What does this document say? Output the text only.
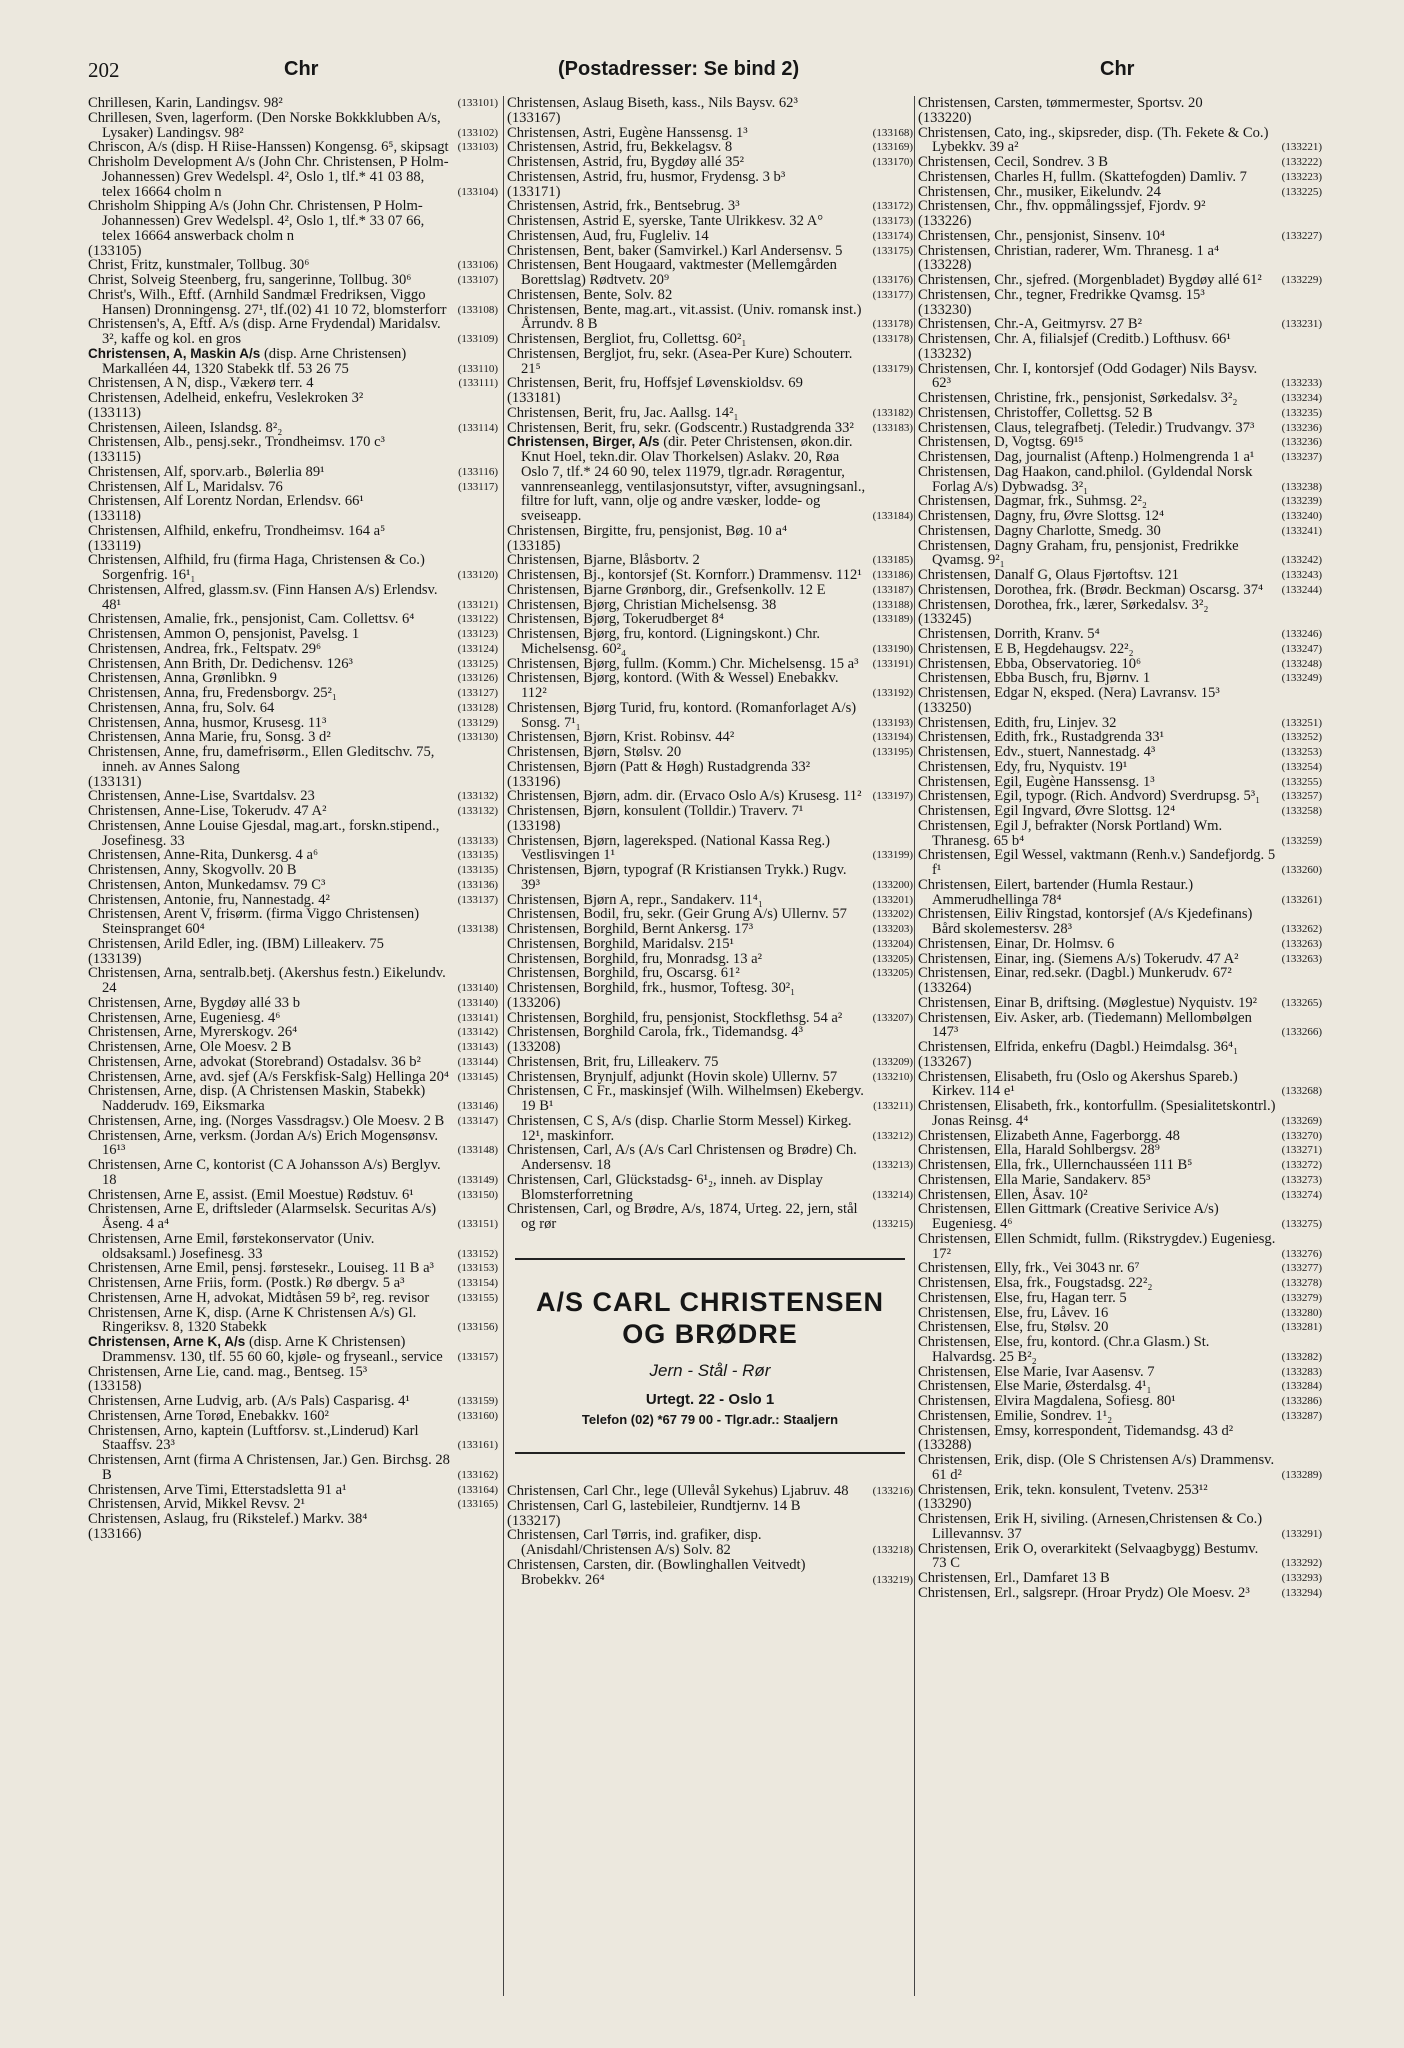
202	Chr	(Postadresser: Se bind 2)	Chr
Chrillesen, Karin, Landingsv. 98²	(133101)
Chrillesen, Sven, lagerform. (Den Norske Bokkklubben A/s, Lysaker) Landingsv. 98²	(133102)
Chriscon, A/s (disp. H Riise-Hanssen) Kongensg. 6⁵, skipsagt (133103)
Chrisholm Development A/s (John Chr. Christensen, P Holm-Johannessen) Grev Wedelspl. 4², Oslo 1, tlf.* 41 03 88, telex 16664 cholm n	(133104)
Chrisholm Shipping A/s (John Chr. Christensen, P Holm-Johannessen) Grev Wedelspl. 4², Oslo 1, tlf.* 33 07 66, telex 16664 answerback cholm n
(133105)
Christ, Fritz, kunstmaler, Tollbug. 30⁶	(133106)
Christ, Solveig Steenberg, fru, sangerinne, Tollbug. 30⁶	(133107)
Christ's, Wilh., Eftf. (Arnhild Sandmæl Fredriksen, Viggo Hansen) Dronningensg. 27¹, tlf.(02) 41 10 72, blomsterforr (133108)
Christensen's, A, Eftf. A/s (disp. Arne Frydendal) Maridalsv. 3², kaffe og kol. en gros	(133109)
Christensen, A, Maskin A/s (disp. Arne Christensen) Markalléen 44, 1320 Stabekk tlf. 53 26 75	(133110)
Christensen, A N, disp., Vækerø terr. 4	(133111)
Christensen, Adelheid, enkefru, Veslekroken 3²
(133113)
Christensen, Aileen, Islandsg. 8²₂	(133114)
Christensen, Alb., pensj.sekr., Trondheimsv. 170 c³
(133115)
Christensen, Alf, sporv.arb., Bølerlia 89¹	(133116)
Christensen, Alf L, Maridalsv. 76	(133117)
Christensen, Alf Lorentz Nordan, Erlendsv. 66¹
(133118)
Christensen, Alfhild, enkefru, Trondheimsv. 164 a⁵
(133119)
Christensen, Alfhild, fru (firma Haga, Christensen & Co.) Sorgenfrig. 16¹₁	(133120)
Christensen, Alfred, glassm.sv. (Finn Hansen A/s) Erlendsv. 48¹	(133121)
Christensen, Amalie, frk., pensjonist, Cam. Collettsv. 6⁴	(133122)
Christensen, Ammon O, pensjonist, Pavelsg. 1	(133123)
Christensen, Andrea, frk., Feltspatv. 29⁶	(133124)
Christensen, Ann Brith, Dr. Dedichensv. 126³	(133125)
Christensen, Anna, Grønlibkn. 9	(133126)
Christensen, Anna, fru, Fredensborgv. 25²₁	(133127)
Christensen, Anna, fru, Solv. 64	(133128)
Christensen, Anna, husmor, Krusesg. 11³	(133129)
Christensen, Anna Marie, fru, Sonsg. 3 d²	(133130)
Christensen, Anne, fru, damefrisørm., Ellen Gleditschv. 75, inneh. av Annes Salong
(133131)
Christensen, Anne-Lise, Svartdalsv. 23	(133132)
Christensen, Anne-Lise, Tokerudv. 47 A²	(133132)
Christensen, Anne Louise Gjesdal, mag.art., forskn.stipend., Josefinesg. 33	(133133)
Christensen, Anne-Rita, Dunkersg. 4 a⁶	(133135)
Christensen, Anny, Skogvollv. 20 B	(133135)
Christensen, Anton, Munkedamsv. 79 C³	(133136)
Christensen, Antonie, fru, Nannestadg. 4²	(133137)
Christensen, Arent V, frisørm. (firma Viggo Christensen) Steinspranget 60⁴	(133138)
Christensen, Arild Edler, ing. (IBM) Lilleakerv. 75
(133139)
Christensen, Arna, sentralb.betj. (Akershus festn.) Eikelundv. 24	(133140)
Christensen, Arne, Bygdøy allé 33 b	(133140)
Christensen, Arne, Eugeniesg. 4⁶	(133141)
Christensen, Arne, Myrerskogv. 26⁴	(133142)
Christensen, Arne, Ole Moesv. 2 B	(133143)
Christensen, Arne, advokat (Storebrand) Ostadalsv. 36 b²	(133144)
Christensen, Arne, avd. sjef (A/s Ferskfisk-Salg) Hellinga 20⁴ (133145)
Christensen, Arne, disp. (A Christensen Maskin, Stabekk) Nadderudv. 169, Eiksmarka	(133146)
Christensen, Arne, ing. (Norges Vassdragsv.) Ole Moesv. 2 B (133147)
Christensen, Arne, verksm. (Jordan A/s) Erich Mogensønsv. 16¹³	(133148)
Christensen, Arne C, kontorist (C A Johansson A/s) Berglyv. 18	(133149)
Christensen, Arne E, assist. (Emil Moestue) Rødstuv. 6¹	(133150)
Christensen, Arne E, driftsleder (Alarmselsk. Securitas A/s) Åseng. 4 a⁴	(133151)
Christensen, Arne Emil, førstekonservator (Univ. oldsaksaml.) Josefinesg. 33	(133152)
Christensen, Arne Emil, pensj. førstesekr., Louiseg. 11 B a³ (133153)
Christensen, Arne Friis, form. (Postk.) Rø dbergv. 5 a³	(133154)
Christensen, Arne H, advokat, Midtåsen 59 b², reg. revisor	(133155)
Christensen, Arne K, disp. (Arne K Christensen A/s) Gl. Ringeriksv. 8, 1320 Stabekk	(133156)
Christensen, Arne K, A/s (disp. Arne K Christensen) Drammensv. 130, tlf. 55 60 60, kjøle- og fryseanl., service (133157)
Christensen, Arne Lie, cand. mag., Bentseg. 15³
(133158)
Christensen, Arne Ludvig, arb. (A/s Pals) Casparisg. 4¹	(133159)
Christensen, Arne Torød, Enebakkv. 160²	(133160)
Christensen, Arno, kaptein (Luftforsv. st.,Linderud) Karl Staaffsv. 23³	(133161)
Christensen, Arnt (firma A Christensen, Jar.) Gen. Birchsg. 28 B	(133162)
Christensen, Arve Timi, Etterstadsletta 91 a¹	(133164)
Christensen, Arvid, Mikkel Revsv. 2¹	(133165)
Christensen, Aslaug, fru (Rikstelef.) Markv. 38⁴
(133166)
Christensen, Aslaug Biseth, kass., Nils Baysv. 62³
(133167)
Christensen, Astri, Eugène Hanssensg. 1³	(133168)
Christensen, Astrid, fru, Bekkelagsv. 8	(133169)
Christensen, Astrid, fru, Bygdøy allé 35²	(133170)
Christensen, Astrid, fru, husmor, Frydensg. 3 b³
(133171)
Christensen, Astrid, frk., Bentsebrug. 3³	(133172)
Christensen, Astrid E, syerske, Tante Ulrikkesv. 32 A°	(133173)
Christensen, Aud, fru, Fugleliv. 14	(133174)
Christensen, Bent, baker (Samvirkel.) Karl Andersensv. 5	(133175)
Christensen, Bent Hougaard, vaktmester (Mellemgården Borettslag) Rødtvetv. 20⁹	(133176)
Christensen, Bente, Solv. 82	(133177)
Christensen, Bente, mag.art., vit.assist. (Univ. romansk inst.) Årrundv. 8 B	(133178)
Christensen, Bergliot, fru, Collettsg. 60²₁	(133178)
Christensen, Bergljot, fru, sekr. (Asea-Per Kure) Schouterr. 21⁵	(133179)
Christensen, Berit, fru, Hoffsjef Løvenskioldsv. 69
(133181)
Christensen, Berit, fru, Jac. Aallsg. 14²₁	(133182)
Christensen, Berit, fru, sekr. (Godscentr.) Rustadgrenda 33² (133183)
Christensen, Birger, A/s (dir. Peter Christensen, økon.dir. Knut Hoel, tekn.dir. Olav Thorkelsen) Aslakv. 20, Røa Oslo 7, tlf.* 24 60 90, telex 11979, tlgr.adr. Røragentur, vannrenseanlegg, ventilasjonsutstyr, vifter, avsugningsanl., filtre for luft, vann, olje og andre væsker, lodde- og sveiseapp.	(133184)
Christensen, Birgitte, fru, pensjonist, Bøg. 10 a⁴
(133185)
Christensen, Bjarne, Blåsbortv. 2	(133185)
Christensen, Bj., kontorsjef (St. Kornforr.) Drammensv. 112¹ (133186)
Christensen, Bjarne Grønborg, dir., Grefsenkollv. 12 E	(133187)
Christensen, Bjørg, Christian Michelsensg. 38	(133188)
Christensen, Bjørg, Tokerudberget 8⁴	(133189)
Christensen, Bjørg, fru, kontord. (Ligningskont.) Chr. Michelsensg. 60²₄	(133190)
Christensen, Bjørg, fullm. (Komm.) Chr. Michelsensg. 15 a³ (133191)
Christensen, Bjørg, kontord. (With & Wessel) Enebakkv. 112²	(133192)
Christensen, Bjørg Turid, fru, kontord. (Romanforlaget A/s) Sonsg. 7¹₁	(133193)
Christensen, Bjørn, Krist. Robinsv. 44²	(133194)
Christensen, Bjørn, Stølsv. 20	(133195)
Christensen, Bjørn (Patt & Høgh) Rustadgrenda 33²
(133196)
Christensen, Bjørn, adm. dir. (Ervaco Oslo A/s) Krusesg. 11² (133197)
Christensen, Bjørn, konsulent (Tolldir.) Traverv. 7¹
(133198)
Christensen, Bjørn, lagereksped. (National Kassa Reg.) Vestlisvingen 1¹	(133199)
Christensen, Bjørn, typograf (R Kristiansen Trykk.) Rugv. 39³	(133200)
Christensen, Bjørn A, repr., Sandakerv. 11⁴₁	(133201)
Christensen, Bodil, fru, sekr. (Geir Grung A/s) Ullernv. 57 (133202)
Christensen, Borghild, Bernt Ankersg. 17³	(133203)
Christensen, Borghild, Maridalsv. 215¹	(133204)
Christensen, Borghild, fru, Monradsg. 13 a²	(133205)
Christensen, Borghild, fru, Oscarsg. 61²	(133205)
Christensen, Borghild, frk., husmor, Toftesg. 30²₁
(133206)
Christensen, Borghild, fru, pensjonist, Stockflethsg. 54 a²	(133207)
Christensen, Borghild Carola, frk., Tidemandsg. 4³
(133208)
Christensen, Brit, fru, Lilleakerv. 75	(133209)
Christensen, Brynjulf, adjunkt (Hovin skole) Ullernv. 57	(133210)
Christensen, C Fr., maskinsjef (Wilh. Wilhelmsen) Ekebergv. 19 B¹	(133211)
Christensen, C S, A/s (disp. Charlie Storm Messel) Kirkeg. 12¹, maskinforr.	(133212)
Christensen, Carl, A/s (A/s Carl Christensen og Brødre) Ch. Andersensv. 18	(133213)
Christensen, Carl, Glückstadsg- 6¹₂, inneh. av Display Blomsterforretning	(133214)
Christensen, Carl, og Brødre, A/s, 1874, Urteg. 22, jern, stål og rør	(133215)
A/S CARL CHRISTENSEN
OG BRØDRE
Jern - Stål - Rør
Urtegt. 22 - Oslo 1
Telefon (02) *67 79 00 - Tlgr.adr.: Staaljern
Christensen, Carl Chr., lege (Ullevål Sykehus) Ljabruv. 48 (133216)
Christensen, Carl G, lastebileier, Rundtjernv. 14 B
(133217)
Christensen, Carl Tørris, ind. grafiker, disp. (Anisdahl/Christensen A/s) Solv. 82	(133218)
Christensen, Carsten, dir. (Bowlinghallen Veitvedt) Brobekkv. 26⁴	(133219)
Christensen, Carsten, tømmermester, Sportsv. 20
(133220)
Christensen, Cato, ing., skipsreder, disp. (Th. Fekete & Co.) Lybekkv. 39 a²	(133221)
Christensen, Cecil, Sondrev. 3 B	(133222)
Christensen, Charles H, fullm. (Skattefogden) Damliv. 7	(133223)
Christensen, Chr., musiker, Eikelundv. 24	(133225)
Christensen, Chr., fhv. oppmålingssjef, Fjordv. 9²
(133226)
Christensen, Chr., pensjonist, Sinsenv. 10⁴	(133227)
Christensen, Christian, raderer, Wm. Thranesg. 1 a⁴
(133228)
Christensen, Chr., sjefred. (Morgenbladet) Bygdøy allé 61² (133229)
Christensen, Chr., tegner, Fredrikke Qvamsg. 15³
(133230)
Christensen, Chr.-A, Geitmyrsv. 27 B²	(133231)
Christensen, Chr. A, filialsjef (Creditb.) Lofthusv. 66¹
(133232)
Christensen, Chr. I, kontorsjef (Odd Godager) Nils Baysv. 62³	(133233)
Christensen, Christine, frk., pensjonist, Sørkedalsv. 3²₂	(133234)
Christensen, Christoffer, Collettsg. 52 B	(133235)
Christensen, Claus, telegrafbetj. (Teledir.) Trudvangv. 37³ (133236)
Christensen, D, Vogtsg. 69¹⁵	(133236)
Christensen, Dag, journalist (Aftenp.) Holmengrenda 1 a¹ (133237)
Christensen, Dag Haakon, cand.philol. (Gyldendal Norsk Forlag A/s) Dybwadsg. 3²₁	(133238)
Christensen, Dagmar, frk., Suhmsg. 2²₂	(133239)
Christensen, Dagny, fru, Øvre Slottsg. 12⁴	(133240)
Christensen, Dagny Charlotte, Smedg. 30	(133241)
Christensen, Dagny Graham, fru, pensjonist, Fredrikke Qvamsg. 9²₁	(133242)
Christensen, Danalf G, Olaus Fjørtoftsv. 121	(133243)
Christensen, Dorothea, frk. (Brødr. Beckman) Oscarsg. 37⁴ (133244)
Christensen, Dorothea, frk., lærer, Sørkedalsv. 3²₂
(133245)
Christensen, Dorrith, Kranv. 5⁴	(133246)
Christensen, E B, Hegdehaugsv. 22²₂	(133247)
Christensen, Ebba, Observatorieg. 10⁶	(133248)
Christensen, Ebba Busch, fru, Bjørnv. 1	(133249)
Christensen, Edgar N, eksped. (Nera) Lavransv. 15³
(133250)
Christensen, Edith, fru, Linjev. 32	(133251)
Christensen, Edith, frk., Rustadgrenda 33¹	(133252)
Christensen, Edv., stuert, Nannestadg. 4³	(133253)
Christensen, Edy, fru, Nyquistv. 19¹	(133254)
Christensen, Egil, Eugène Hanssensg. 1³	(133255)
Christensen, Egil, typogr. (Rich. Andvord) Sverdrupsg. 5³₁ (133257)
Christensen, Egil Ingvard, Øvre Slottsg. 12⁴	(133258)
Christensen, Egil J, befrakter (Norsk Portland) Wm. Thranesg. 65 b⁴	(133259)
Christensen, Egil Wessel, vaktmann (Renh.v.) Sandefjordg. 5 f¹	(133260)
Christensen, Eilert, bartender (Humla Restaur.) Ammerudhellinga 78⁴	(133261)
Christensen, Eiliv Ringstad, kontorsjef (A/s Kjedefinans) Bård skolemestersv. 28³	(133262)
Christensen, Einar, Dr. Holmsv. 6	(133263)
Christensen, Einar, ing. (Siemens A/s) Tokerudv. 47 A²	(133263)
Christensen, Einar, red.sekr. (Dagbl.) Munkerudv. 67²
(133264)
Christensen, Einar B, driftsing. (Møglestue) Nyquistv. 19² (133265)
Christensen, Eiv. Asker, arb. (Tiedemann) Mellombølgen 147³	(133266)
Christensen, Elfrida, enkefru (Dagbl.) Heimdalsg. 36⁴₁
(133267)
Christensen, Elisabeth, fru (Oslo og Akershus Spareb.) Kirkev. 114 e¹	(133268)
Christensen, Elisabeth, frk., kontorfullm. (Spesialitetskontrl.) Jonas Reinsg. 4⁴	(133269)
Christensen, Elizabeth Anne, Fagerborgg. 48	(133270)
Christensen, Ella, Harald Sohlbergsv. 28⁹	(133271)
Christensen, Ella, frk., Ullernchausséen 111 B⁵	(133272)
Christensen, Ella Marie, Sandakerv. 85³	(133273)
Christensen, Ellen, Åsav. 10²	(133274)
Christensen, Ellen Gittmark (Creative Serivice A/s) Eugeniesg. 4⁶	(133275)
Christensen, Ellen Schmidt, fullm. (Rikstrygdev.) Eugeniesg. 17²	(133276)
Christensen, Elly, frk., Vei 3043 nr. 6⁷	(133277)
Christensen, Elsa, frk., Fougstadsg. 22²₂	(133278)
Christensen, Else, fru, Hagan terr. 5	(133279)
Christensen, Else, fru, Låvev. 16	(133280)
Christensen, Else, fru, Stølsv. 20	(133281)
Christensen, Else, fru, kontord. (Chr.a Glasm.) St. Halvardsg. 25 B²₂	(133282)
Christensen, Else Marie, Ivar Aasensv. 7	(133283)
Christensen, Else Marie, Østerdalsg. 4¹₁	(133284)
Christensen, Elvira Magdalena, Sofiesg. 80¹	(133286)
Christensen, Emilie, Sondrev. 1¹₂	(133287)
Christensen, Emsy, korrespondent, Tidemandsg. 43 d²
(133288)
Christensen, Erik, disp. (Ole S Christensen A/s) Drammensv. 61 d²	(133289)
Christensen, Erik, tekn. konsulent, Tvetenv. 253¹²
(133290)
Christensen, Erik H, siviling. (Arnesen,Christensen & Co.) Lillevannsv. 37	(133291)
Christensen, Erik O, overarkitekt (Selvaagbygg) Bestumv. 73 C	(133292)
Christensen, Erl., Damfaret 13 B	(133293)
Christensen, Erl., salgsrepr. (Hroar Prydz) Ole Moesv. 2³	(133294)
